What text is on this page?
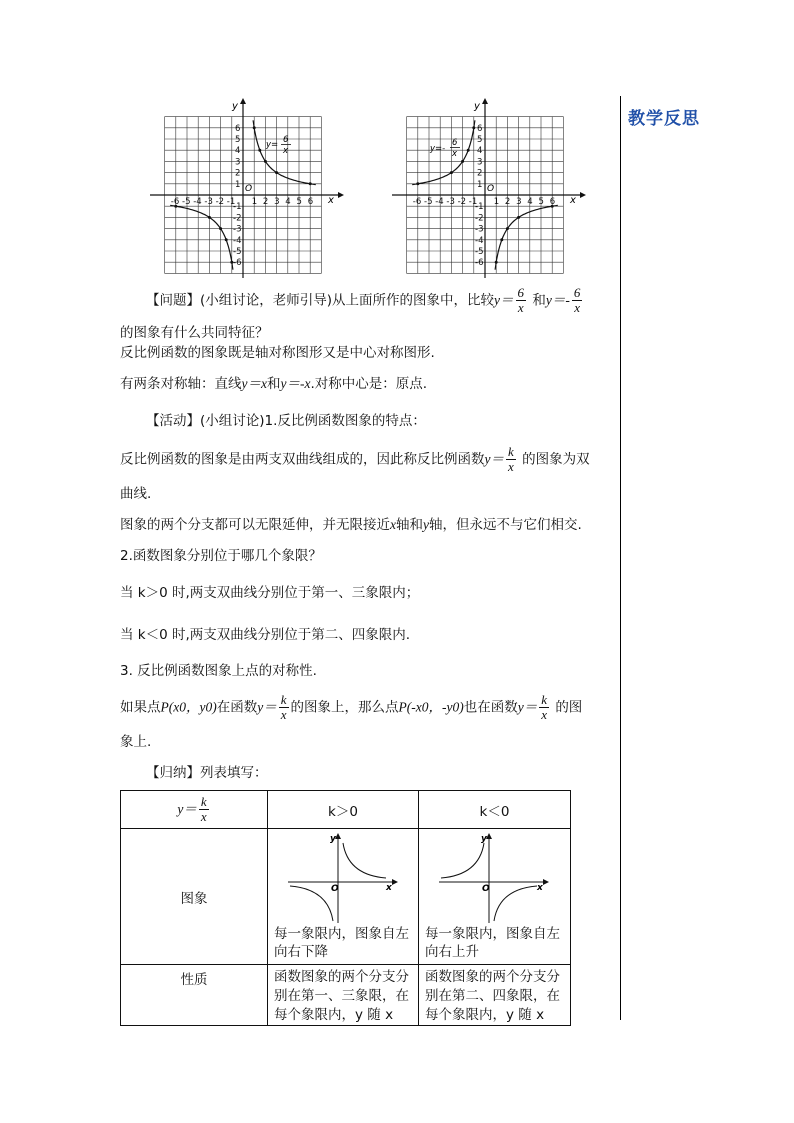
教学反思
-6 -5 -4 -3 -2 -1 1 2 3 4 5 6
6
5
4
3
2
1
-1
-2
-3
-4
-5
-6
x
y
O
y= 6
x
-6 -5 -4 -3 -2 -1 1 2 3 4 5 6
6
5
4
3
2
1
-1
-2
-3
-4
-5
-6
x
y
O
y=-
6
x
【问题】(小组讨论，老师引导)从上面所作的图象中，比较$y= \frac{6}{x}$ 和$y=- \frac{6}{x}$
的图象有什么共同特征？
反比例函数的图象既是轴对称图形又是中心对称图形.
有两条对称轴：直线y＝x和y＝-x.对称中心是：原点.
【活动】(小组讨论)1.反比例函数图象的特点：
反比例函数的图象是由两支双曲线组成的，因此称反比例函数$y= \frac{k}{x}$ 的图象为双
曲线.
图象的两个分支都可以无限延伸，并无限接近x轴和y轴，但永远不与它们相交.
2.函数图象分别位于哪几个象限？
当 k＞0 时,两支双曲线分别位于第一、三象限内；
当 k＜0 时,两支双曲线分别位于第二、四象限内.
3. 反比例函数图象上点的对称性.
如果点P(x0，y0)在函数$y= \frac{k}{x}$ 的图象上，那么点P(-x0，-y0)也在函数$y= \frac{k}{x}$ 的图
象上.
【归纳】列表填写：
$y= \frac{k}{x}$	k＞0	k＜0
图象	x
y
O
每一象限内，图象自左向右下降	x
y
O
每一象限内，图象自左向右上升

性质	函数图象的两个分支分别在第一、三象限，在每个象限内，y 随 x	函数图象的两个分支分别在第二、四象限，在每个象限内，y 随 x
